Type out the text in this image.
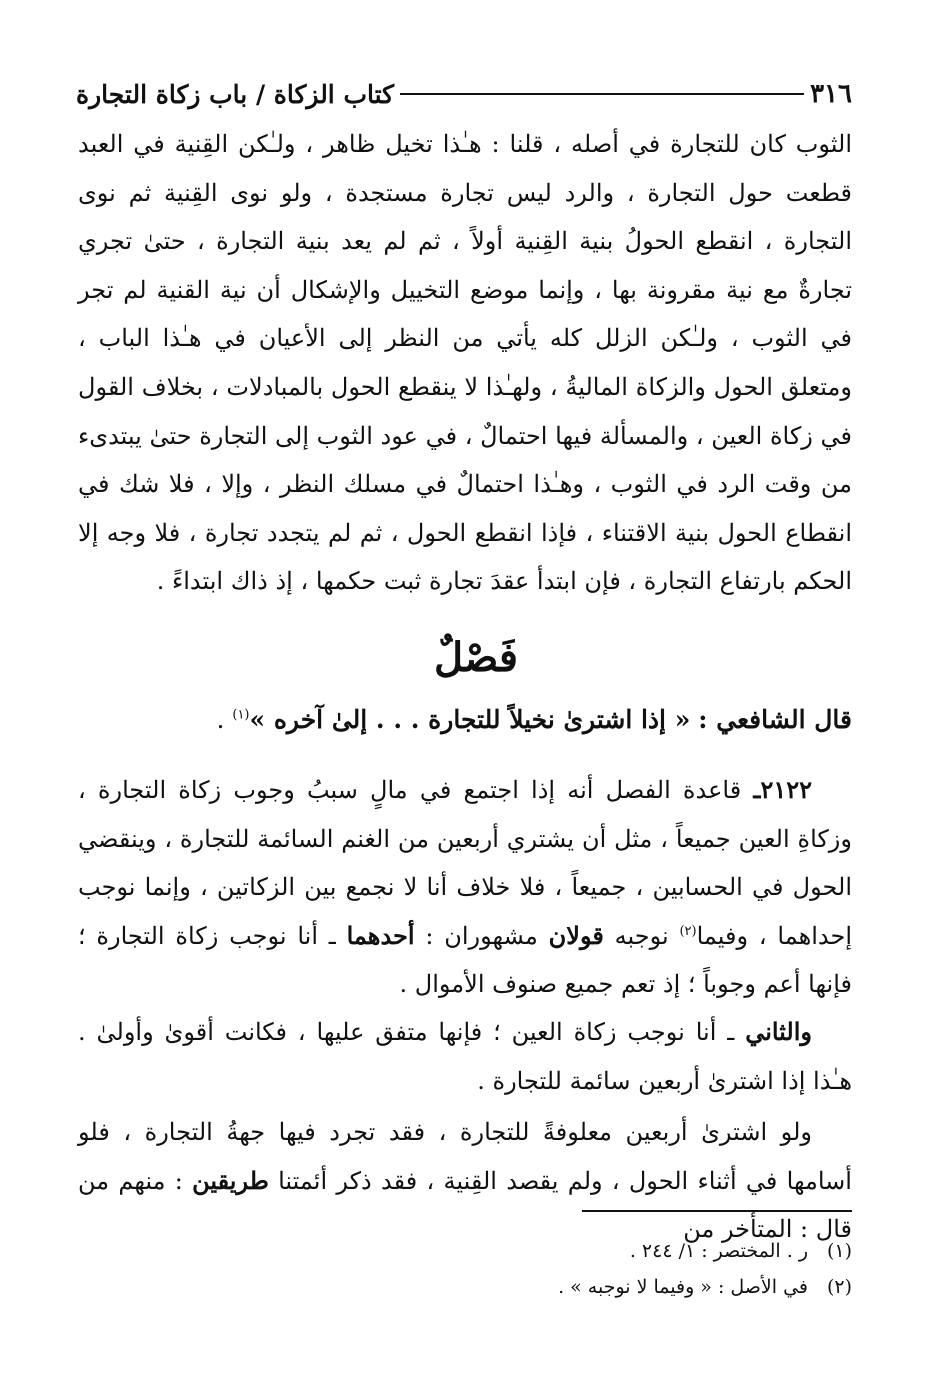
٣١٦
كتاب الزكاة / باب زكاة التجارة

الثوب كان للتجارة في أصله ، قلنا : هـٰذا تخيل ظاهر ، ولـٰكن القِنية في العبد قطعت حول التجارة ، والرد ليس تجارة مستجدة ، ولو نوى القِنية ثم نوى التجارة ، انقطع الحولُ بنية القِنية أولاً ، ثم لم يعد بنية التجارة ، حتىٰ تجري تجارةٌ مع نية مقرونة بها ، وإنما موضع التخييل والإشكال أن نية القنية لم تجر في الثوب ، ولـٰكن الزلل كله يأتي من النظر إلى الأعيان في هـٰذا الباب ، ومتعلق الحول والزكاة الماليةُ ، ولهـٰذا لا ينقطع الحول بالمبادلات ، بخلاف القول في زكاة العين ، والمسألة فيها احتمالٌ ، في عود الثوب إلى التجارة حتىٰ يبتدىء من وقت الرد في الثوب ، وهـٰذا احتمالٌ في مسلك النظر ، وإلا ، فلا شك في انقطاع الحول بنية الاقتناء ، فإذا انقطع الحول ، ثم لم يتجدد تجارة ، فلا وجه إلا الحكم بارتفاع التجارة ، فإن ابتدأ عقدَ تجارة ثبت حكمها ، إذ ذاك ابتداءً .

فَصْلٌ

قال الشافعي : « إذا اشترىٰ نخيلاً للتجارة . . . إلىٰ آخره »$^{(١)}$ .

٢١٢٢ـ قاعدة الفصل أنه إذا اجتمع في مالٍ سببُ وجوب زكاة التجارة ، وزكاةِ العين جميعاً ، مثل أن يشتري أربعين من الغنم السائمة للتجارة ، وينقضي الحول في الحسابين ، جميعاً ، فلا خلاف أنا لا نجمع بين الزكاتين ، وإنما نوجب إحداهما ، وفيما$^{(٢)}$ نوجبه قولان مشهوران : أحدهما ـ أنا نوجب زكاة التجارة ؛ فإنها أعم وجوباً ؛ إذ تعم جميع صنوف الأموال .

والثاني ـ أنا نوجب زكاة العين ؛ فإنها متفق عليها ، فكانت أقوىٰ وأولىٰ . هـٰذا إذا اشترىٰ أربعين سائمة للتجارة .

ولو اشترىٰ أربعين معلوفةً للتجارة ، فقد تجرد فيها جهةُ التجارة ، فلو أسامها في أثناء الحول ، ولم يقصد القِنية ، فقد ذكر أئمتنا طريقين : منهم من قال : المتأخر من

(١)ر . المختصر : ١/ ٢٤٤ .

(٢)في الأصل : « وفيما لا نوجبه » .
